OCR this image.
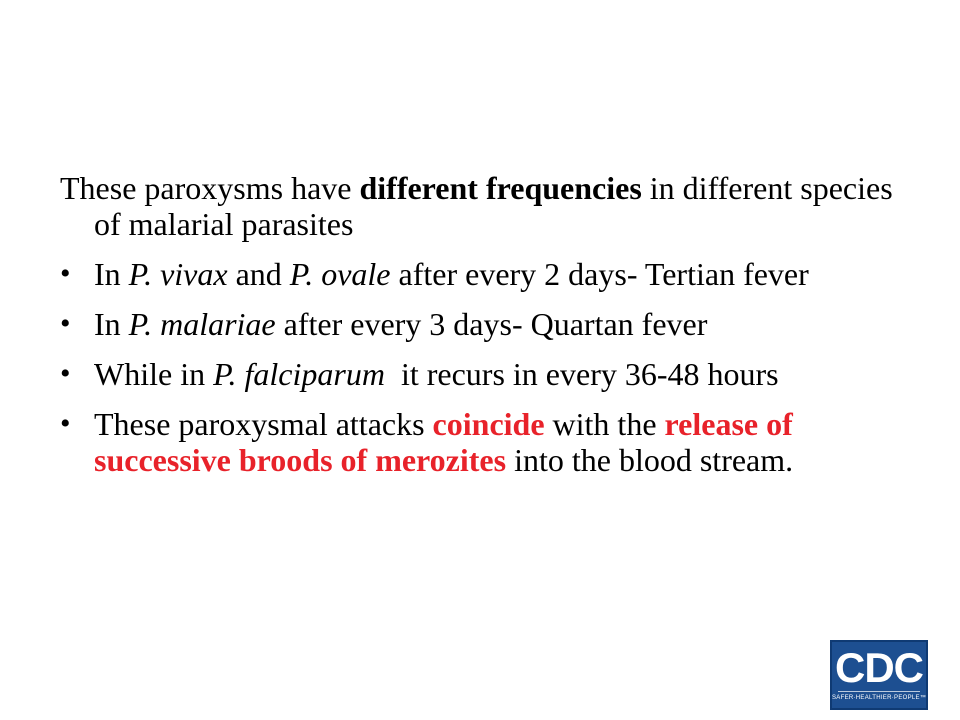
These paroxysms have different frequencies in different species of malarial parasites

• In P. vivax and P. ovale after every 2 days- Tertian fever

• In P. malariae after every 3 days- Quartan fever

• While in P. falciparum  it recurs in every 36-48 hours

• These paroxysmal attacks coincide with the release of successive broods of merozites into the blood stream.

CDC
SAFER·HEALTHIER·PEOPLE™
